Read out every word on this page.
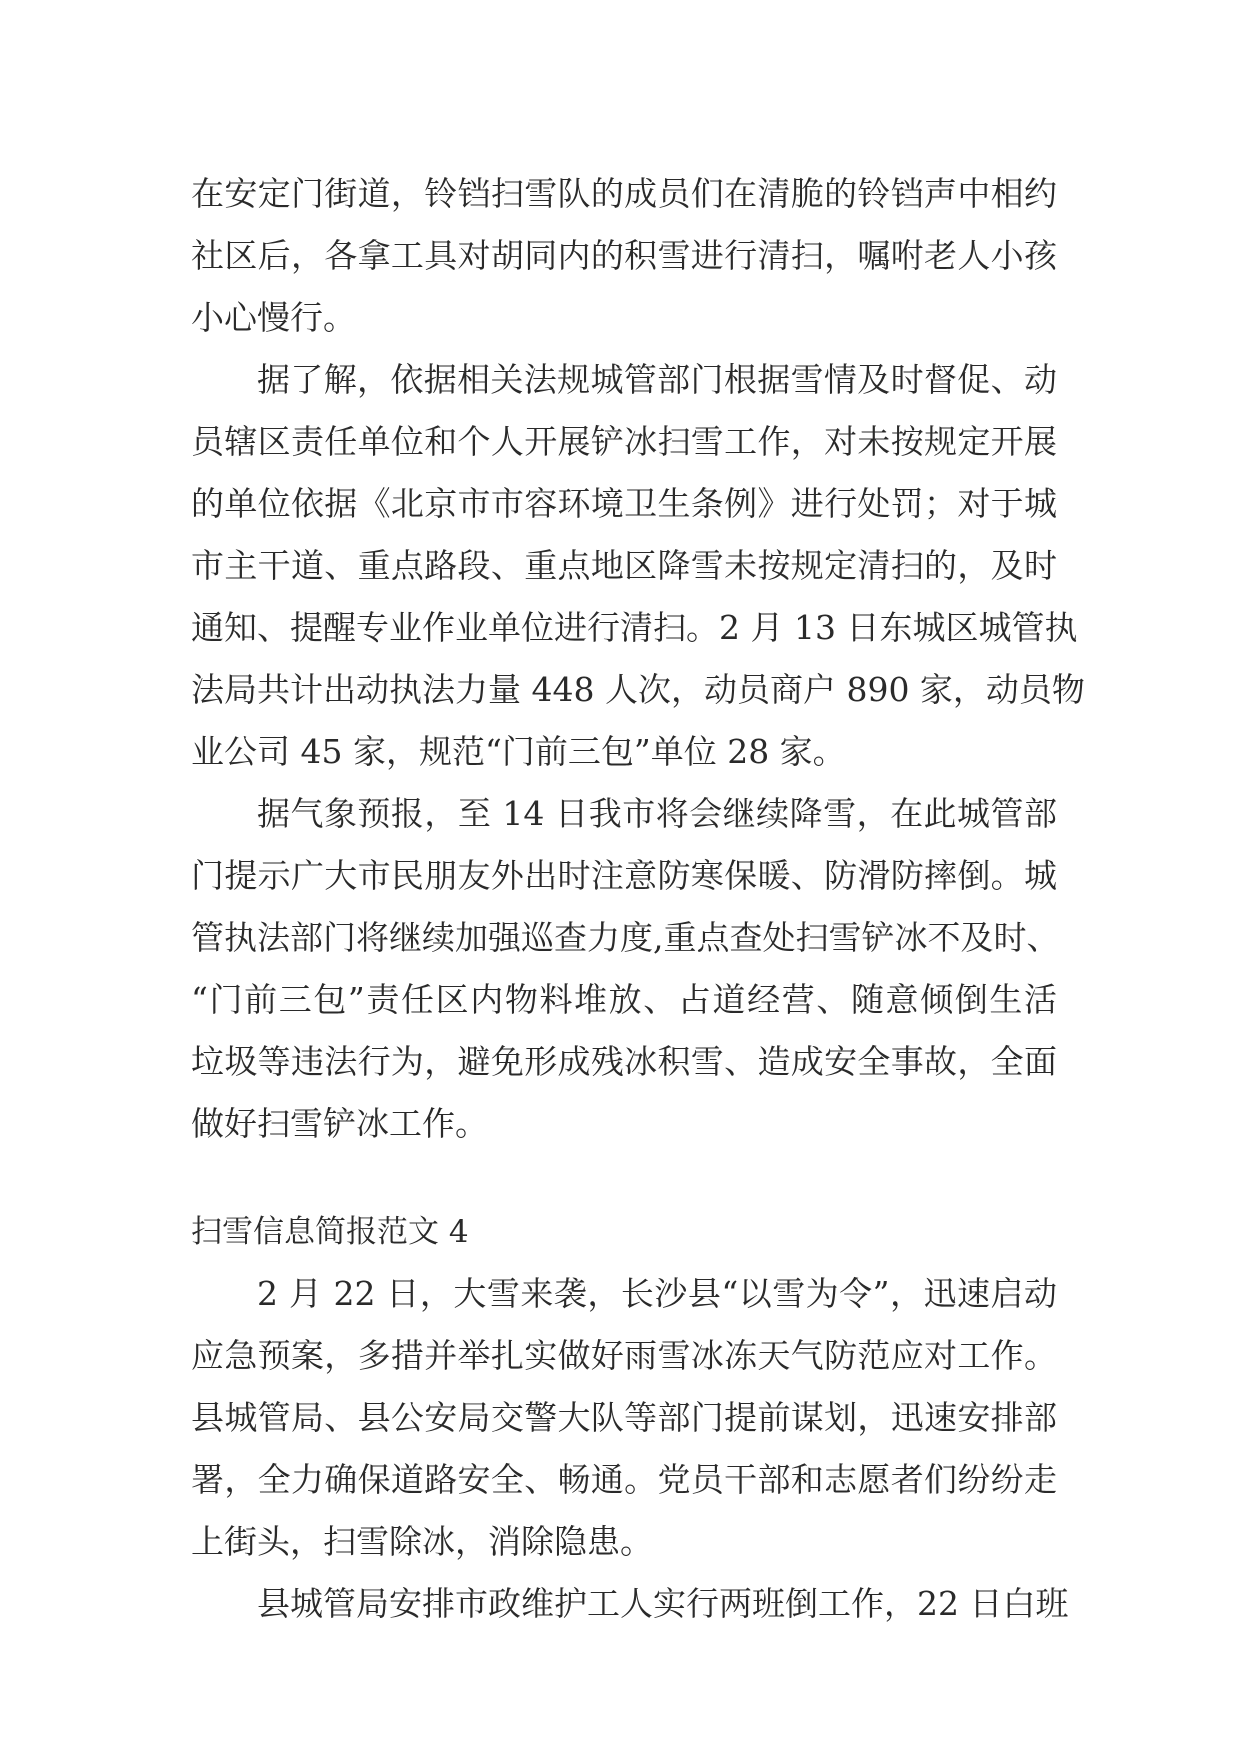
在安定门街道，铃铛扫雪队的成员们在清脆的铃铛声中相约
社区后，各拿工具对胡同内的积雪进行清扫，嘱咐老人小孩
小心慢行。
据了解，依据相关法规城管部门根据雪情及时督促、动
员辖区责任单位和个人开展铲冰扫雪工作，对未按规定开展
的单位依据《北京市市容环境卫生条例》进行处罚；对于城
市主干道、重点路段、重点地区降雪未按规定清扫的，及时
通知、提醒专业作业单位进行清扫。2 月 13 日东城区城管执
法局共计出动执法力量 448 人次，动员商户 890 家，动员物
业公司 45 家，规范“门前三包”单位 28 家。
据气象预报，至 14 日我市将会继续降雪，在此城管部
门提示广大市民朋友外出时注意防寒保暖、防滑防摔倒。城
管执法部门将继续加强巡查力度,重点查处扫雪铲冰不及时、
“门前三包”责任区内物料堆放、占道经营、随意倾倒生活
垃圾等违法行为，避免形成残冰积雪、造成安全事故，全面
做好扫雪铲冰工作。
扫雪信息简报范文 4
2 月 22 日，大雪来袭，长沙县“以雪为令”，迅速启动
应急预案，多措并举扎实做好雨雪冰冻天气防范应对工作。
县城管局、县公安局交警大队等部门提前谋划，迅速安排部
署，全力确保道路安全、畅通。党员干部和志愿者们纷纷走
上街头，扫雪除冰，消除隐患。
县城管局安排市政维护工人实行两班倒工作，22 日白班
